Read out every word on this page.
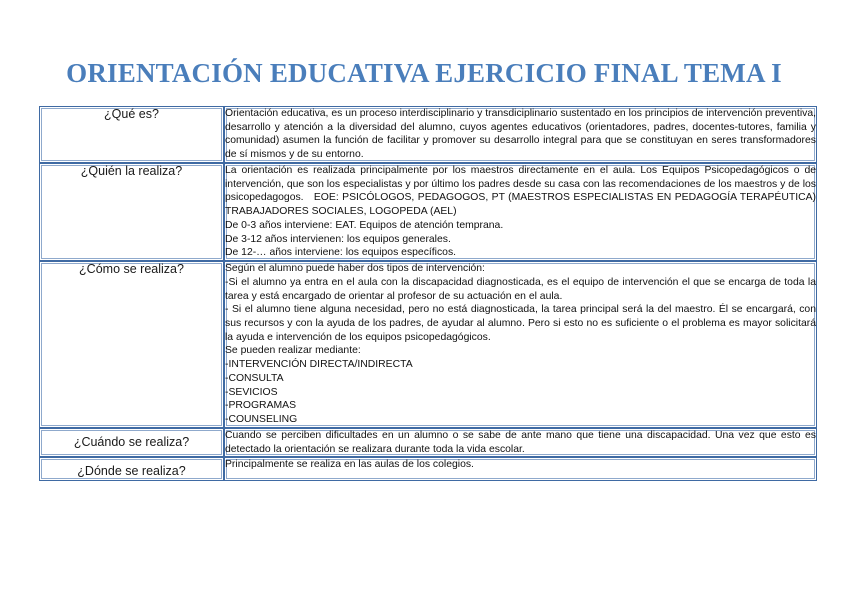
ORIENTACIÓN EDUCATIVA EJERCICIO FINAL TEMA I
¿Qué es?	Orientación educativa, es un proceso interdisciplinario y transdiciplinario sustentado en los principios de intervención preventiva, desarrollo y atención a la diversidad del alumno, cuyos agentes educativos (orientadores, padres, docentes-tutores, familia y comunidad) asumen la función de facilitar y promover su desarrollo integral para que se constituyan en seres transformadores de sí mismos y de su entorno.

¿Quién la realiza?	La orientación es realizada principalmente por los maestros directamente en el aula. Los Equipos Psicopedagógicos o de intervención, que son los especialistas y por último los padres desde su casa con las recomendaciones de los maestros y de los psicopedagogos.   EOE: PSICÓLOGOS, PEDAGOGOS, PT (MAESTROS ESPECIALISTAS EN PEDAGOGÍA TERAPÉUTICA) TRABAJADORES SOCIALES, LOGOPEDA (AEL)
De 0-3 años interviene: EAT. Equipos de atención temprana.
De 3-12 años intervienen: los equipos generales.
De 12-… años interviene: los equipos específicos.

¿Cómo se realiza?	Según el alumno puede haber dos tipos de intervención:
-Si el alumno ya entra en el aula con la discapacidad diagnosticada, es el equipo de intervención el que se encarga de toda la tarea y está encargado de orientar al profesor de su actuación en el aula.
- Si el alumno tiene alguna necesidad, pero no está diagnosticada, la tarea principal será la del maestro. Él se encargará, con sus recursos y con la ayuda de los padres, de ayudar al alumno. Pero si esto no es suficiente o el problema es mayor solicitará la ayuda e intervención de los equipos psicopedagógicos.
Se pueden realizar mediante:
-INTERVENCIÓN DIRECTA/INDIRECTA
-CONSULTA
-SEVICIOS
-PROGRAMAS
-COUNSELING

¿Cuándo se realiza?	Cuando se perciben dificultades en un alumno o se sabe de ante mano que tiene una discapacidad. Una vez que esto es detectado la orientación se realizara durante toda la vida escolar.

¿Dónde se realiza?	Principalmente se realiza en las aulas de los colegios.
